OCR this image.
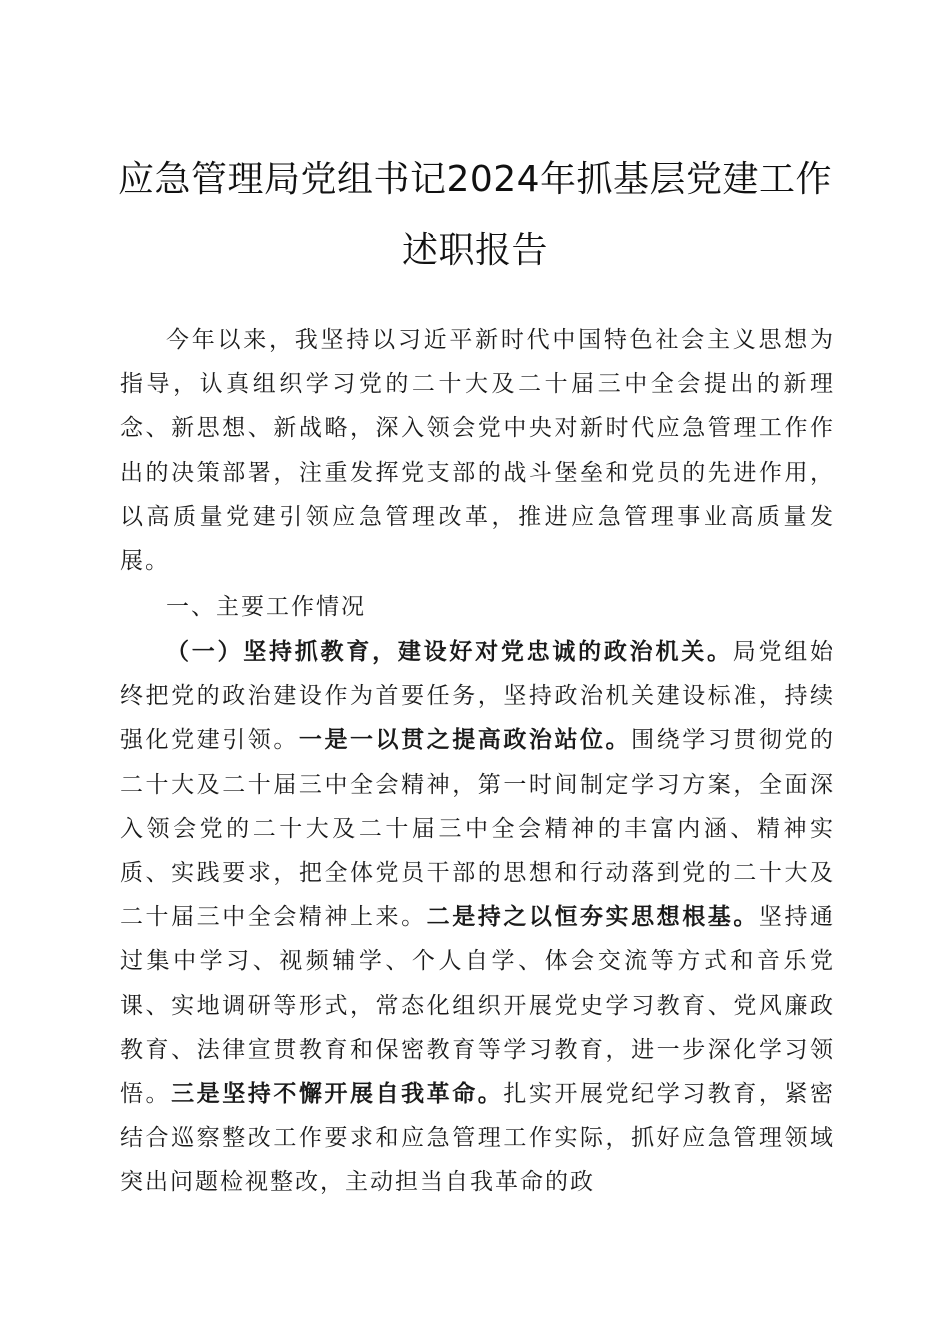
应急管理局党组书记2024年抓基层党建工作
述职报告

今年以来，我坚持以习近平新时代中国特色社会主义思想为指导，认真组织学习党的二十大及二十届三中全会提出的新理念、新思想、新战略，深入领会党中央对新时代应急管理工作作出的决策部署，注重发挥党支部的战斗堡垒和党员的先进作用，以高质量党建引领应急管理改革，推进应急管理事业高质量发展。

一、主要工作情况

（一）坚持抓教育，建设好对党忠诚的政治机关。局党组始终把党的政治建设作为首要任务，坚持政治机关建设标准，持续强化党建引领。一是一以贯之提高政治站位。围绕学习贯彻党的二十大及二十届三中全会精神，第一时间制定学习方案，全面深入领会党的二十大及二十届三中全会精神的丰富内涵、精神实质、实践要求，把全体党员干部的思想和行动落到党的二十大及二十届三中全会精神上来。二是持之以恒夯实思想根基。坚持通过集中学习、视频辅学、个人自学、体会交流等方式和音乐党课、实地调研等形式，常态化组织开展党史学习教育、党风廉政教育、法律宣贯教育和保密教育等学习教育，进一步深化学习领悟。三是坚持不懈开展自我革命。扎实开展党纪学习教育，紧密结合巡察整改工作要求和应急管理工作实际，抓好应急管理领域突出问题检视整改，主动担当自我革命的政
